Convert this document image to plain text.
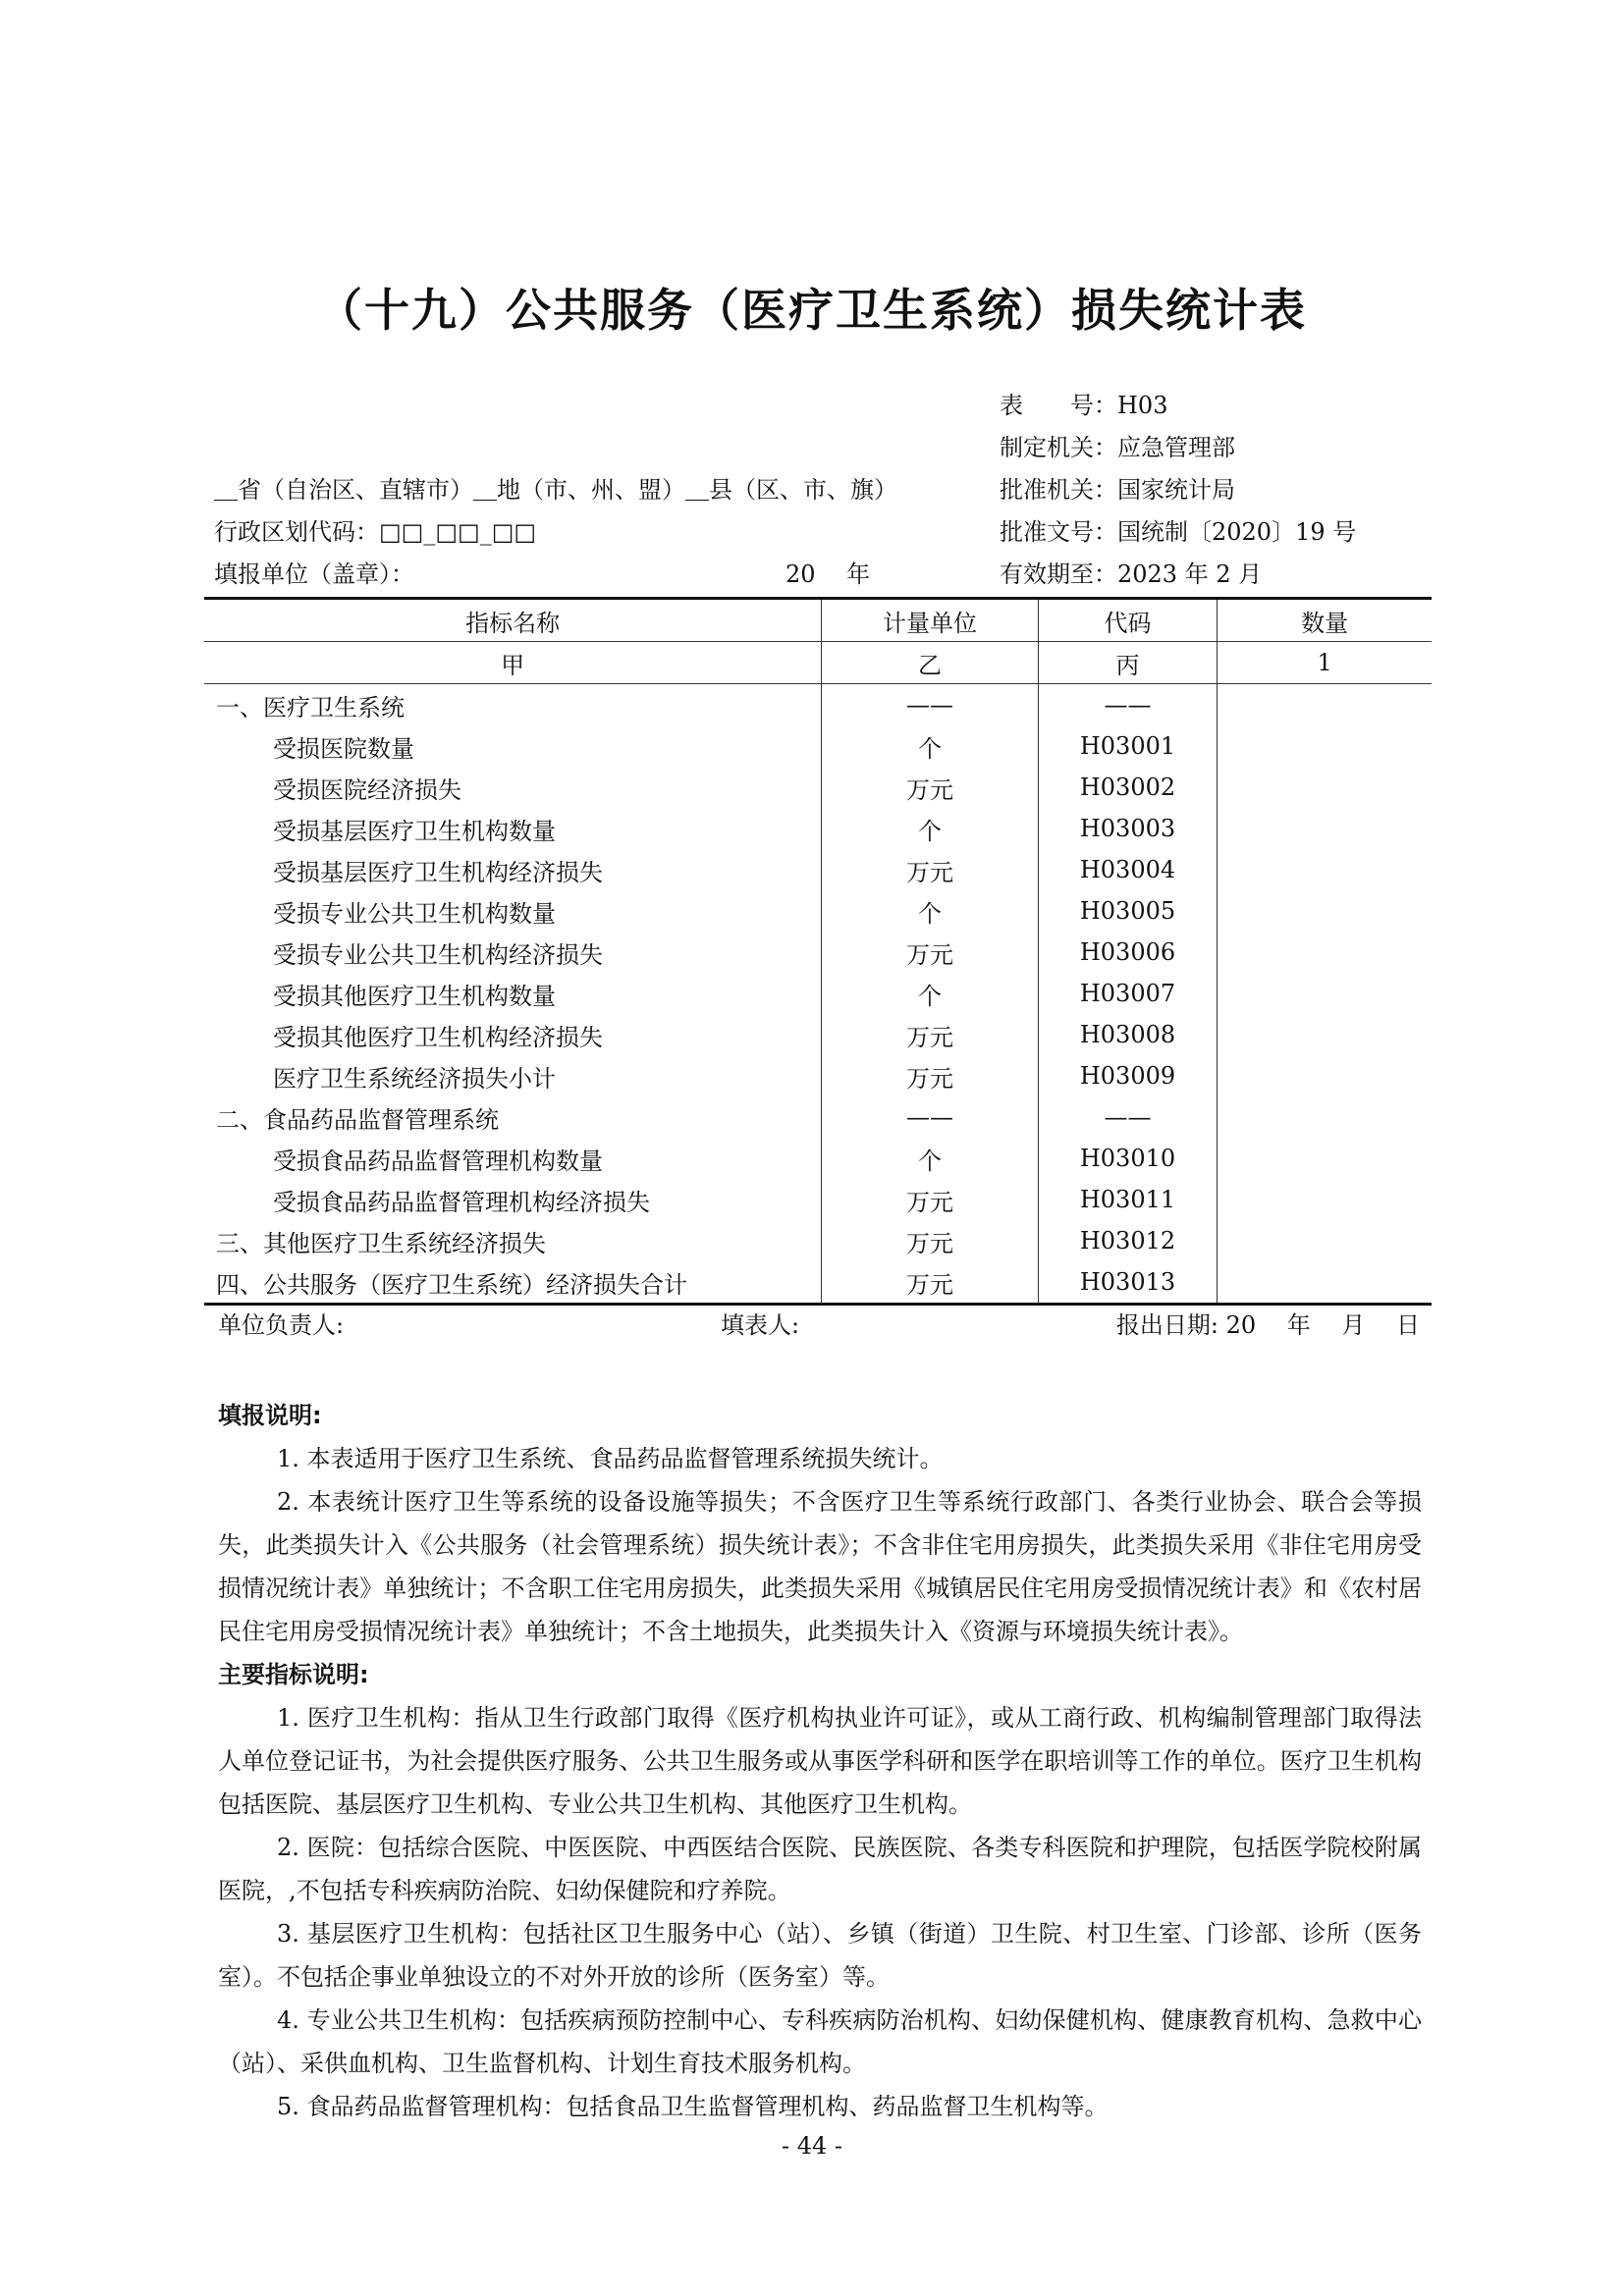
（十九）公共服务（医疗卫生系统）损失统计表
表　　号：H03
制定机关：应急管理部
批准机关：国家统计局
批准文号：国统制〔2020〕19 号
有效期至：2023 年 2 月
＿省（自治区、直辖市）＿地（市、州、盟）＿县（区、市、旗）
行政区划代码：□□_□□_□□
填报单位（盖章）：	20　 年
指标名称	计量单位	代码	数量
甲	乙	丙	1
一、医疗卫生系统	——	——	
受损医院数量	个	H03001	
受损医院经济损失	万元	H03002	
受损基层医疗卫生机构数量	个	H03003	
受损基层医疗卫生机构经济损失	万元	H03004	
受损专业公共卫生机构数量	个	H03005	
受损专业公共卫生机构经济损失	万元	H03006	
受损其他医疗卫生机构数量	个	H03007	
受损其他医疗卫生机构经济损失	万元	H03008	
医疗卫生系统经济损失小计	万元	H03009	
二、食品药品监督管理系统	——	——	
受损食品药品监督管理机构数量	个	H03010	
受损食品药品监督管理机构经济损失	万元	H03011	
三、其他医疗卫生系统经济损失	万元	H03012	
四、公共服务（医疗卫生系统）经济损失合计	万元	H03013	
单位负责人:	填表人:	报出日期: 20　 年　 月　 日
填报说明:

1. 本表适用于医疗卫生系统、食品药品监督管理系统损失统计。

2. 本表统计医疗卫生等系统的设备设施等损失；不含医疗卫生等系统行政部门、各类行业协会、联合会等损失，此类损失计入《公共服务（社会管理系统）损失统计表》；不含非住宅用房损失，此类损失采用《非住宅用房受损情况统计表》单独统计；不含职工住宅用房损失，此类损失采用《城镇居民住宅用房受损情况统计表》和《农村居民住宅用房受损情况统计表》单独统计；不含土地损失，此类损失计入《资源与环境损失统计表》。

主要指标说明:

1. 医疗卫生机构：指从卫生行政部门取得《医疗机构执业许可证》，或从工商行政、机构编制管理部门取得法人单位登记证书，为社会提供医疗服务、公共卫生服务或从事医学科研和医学在职培训等工作的单位。医疗卫生机构包括医院、基层医疗卫生机构、专业公共卫生机构、其他医疗卫生机构。

2. 医院：包括综合医院、中医医院、中西医结合医院、民族医院、各类专科医院和护理院，包括医学院校附属医院，,不包括专科疾病防治院、妇幼保健院和疗养院。

3. 基层医疗卫生机构：包括社区卫生服务中心（站）、乡镇（街道）卫生院、村卫生室、门诊部、诊所（医务室）。不包括企事业单独设立的不对外开放的诊所（医务室）等。

4. 专业公共卫生机构：包括疾病预防控制中心、专科疾病防治机构、妇幼保健机构、健康教育机构、急救中心（站）、采供血机构、卫生监督机构、计划生育技术服务机构。

5. 食品药品监督管理机构：包括食品卫生监督管理机构、药品监督卫生机构等。

- 44 -
